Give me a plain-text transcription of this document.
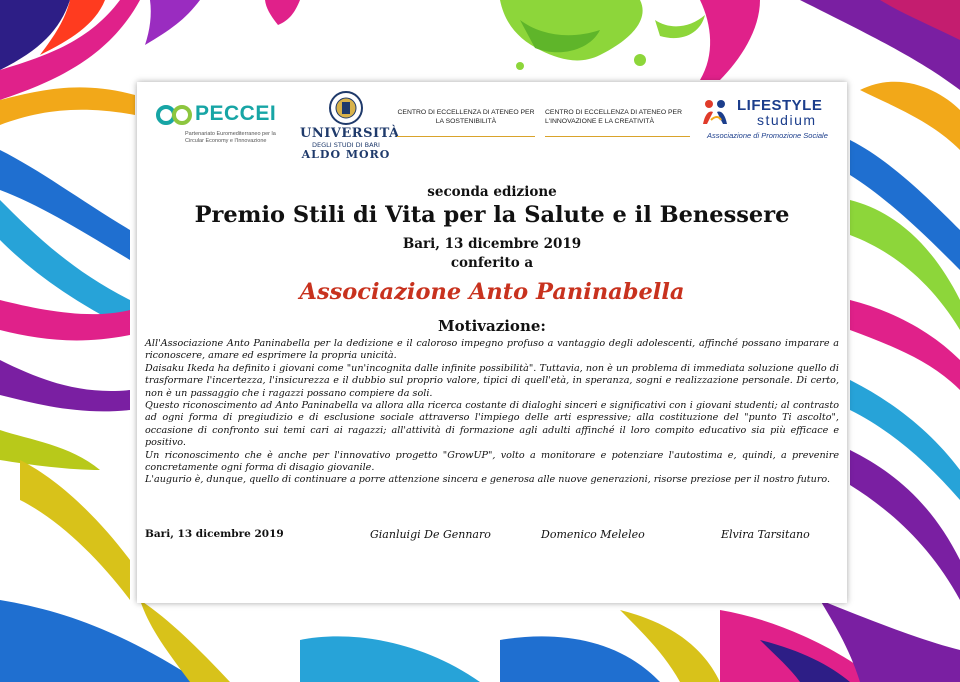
PECCEI
Partenariato Euromediterraneo per la Circular Economy e l'Innovazione	UNIVERSITÀ
DEGLI STUDI DI BARI
ALDO MORO
CENTRO DI ECCELLENZA DI ATENEO PER LA SOSTENIBILITÀ
CENTRO DI ECCELLENZA DI ATENEO PER L'INNOVAZIONE E LA CREATIVITÀ
LIFESTYLE
studium
Associazione di Promozione Sociale
seconda edizione
Premio Stili di Vita per la Salute e il Benessere
Bari, 13 dicembre 2019
conferito a
Associazione Anto Paninabella
Motivazione:

All'Associazione Anto Paninabella per la dedizione e il caloroso impegno profuso a vantaggio degli adolescenti, affinché possano imparare a riconoscere, amare ed esprimere la propria unicità.

Daisaku Ikeda ha definito i giovani come "un'incognita dalle infinite possibilità". Tuttavia, non è un problema di immediata soluzione quello di trasformare l'incertezza, l'insicurezza e il dubbio sul proprio valore, tipici di quell'età, in speranza, sogni e realizzazione personale. Di certo, non è un passaggio che i ragazzi possano compiere da soli.

Questo riconoscimento ad Anto Paninabella va allora alla ricerca costante di dialoghi sinceri e significativi con i giovani studenti; al contrasto ad ogni forma di pregiudizio e di esclusione sociale attraverso l'impiego delle arti espressive; alla costituzione del "punto Ti ascolto", occasione di confronto sui temi cari ai ragazzi; all'attività di formazione agli adulti affinché il loro compito educativo sia più efficace e positivo.

Un riconoscimento che è anche per l'innovativo progetto "GrowUP", volto a monitorare e potenziare l'autostima e, quindi, a prevenire concretamente ogni forma di disagio giovanile.

L'augurio è, dunque, quello di continuare a porre attenzione sincera e generosa alle nuove generazioni, risorse preziose per il nostro futuro.

Bari, 13 dicembre 2019	Gianluigi De Gennaro	Domenico Meleleo	Elvira Tarsitano
